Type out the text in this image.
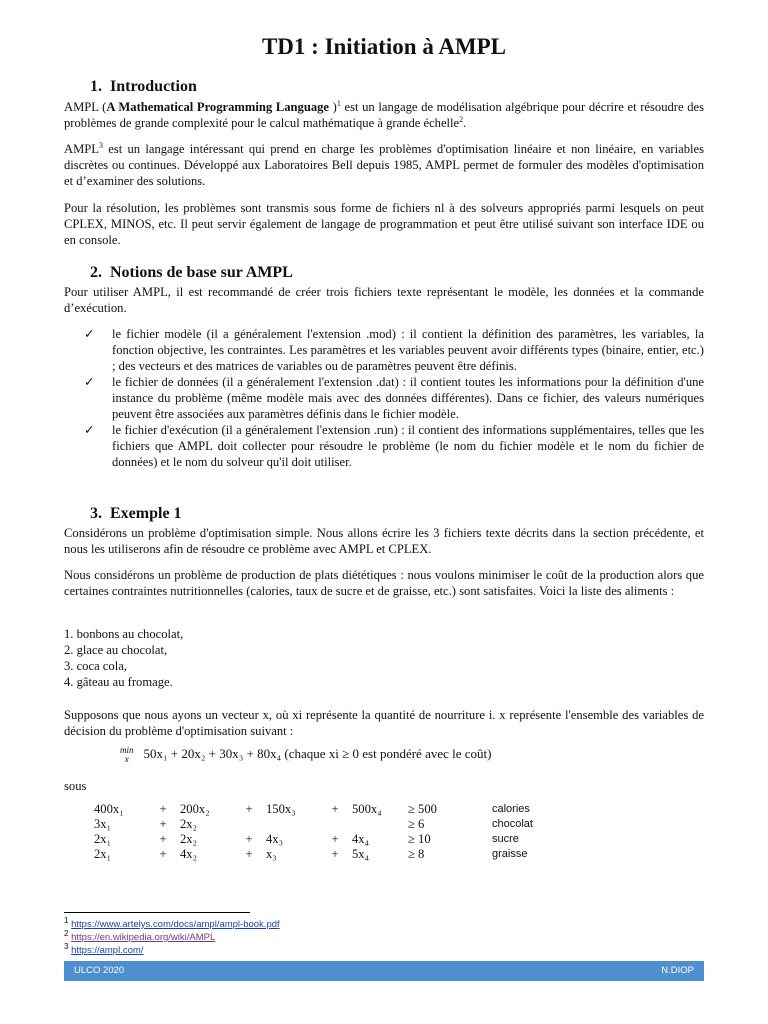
TD1 : Initiation à AMPL
1. Introduction

AMPL (A Mathematical Programming Language )$^1$ est un langage de modélisation algébrique pour décrire et résoudre des problèmes de grande complexité pour le calcul mathématique à grande échelle$^2$.

AMPL$^3$ est un langage intéressant qui prend en charge les problèmes d'optimisation linéaire et non linéaire, en variables discrètes ou continues. Développé aux Laboratoires Bell depuis 1985, AMPL permet de formuler des modèles d'optimisation et d’examiner des solutions.

Pour la résolution, les problèmes sont transmis sous forme de fichiers nl à des solveurs appropriés parmi lesquels on peut CPLEX, MINOS, etc. Il peut servir également de langage de programmation et peut être utilisé suivant son interface IDE ou en console.

2. Notions de base sur AMPL

Pour utiliser AMPL, il est recommandé de créer trois fichiers texte représentant le modèle, les données et la commande d’exécution.

✓ le fichier modèle (il a généralement l'extension .mod) : il contient la définition des paramètres, les variables, la fonction objective, les contraintes. Les paramètres et les variables peuvent avoir différents types (binaire, entier, etc.) ; des vecteurs et des matrices de variables ou de paramètres peuvent être définis.
✓ le fichier de données (il a généralement l'extension .dat) : il contient toutes les informations pour la définition d'une instance du problème (même modèle mais avec des données différentes). Dans ce fichier, des valeurs numériques peuvent être associées aux paramètres définis dans le fichier modèle.
✓ le fichier d'exécution (il a généralement l'extension .run) : il contient des informations supplémentaires, telles que les fichiers que AMPL doit collecter pour résoudre le problème (le nom du fichier modèle et le nom du fichier de données) et le nom du solveur qu'il doit utiliser.
3. Exemple 1

Considérons un problème d'optimisation simple. Nous allons écrire les 3 fichiers texte décrits dans la section précédente, et nous les utiliserons afin de résoudre ce problème avec AMPL et CPLEX.

Nous considérons un problème de production de plats diététiques : nous voulons minimiser le coût de la production alors que certaines contraintes nutritionnelles (calories, taux de sucre et de graisse, etc.) sont satisfaites. Voici la liste des aliments :

1. bonbons au chocolat,
2. glace au chocolat,
3. coca cola,
4. gâteau au fromage.

Supposons que nous ayons un vecteur x, où xi représente la quantité de nourriture i. x représente l'ensemble des variables de décision du problème d'optimisation suivant :

min
x 50x₁ + 20x₂ + 30x₃ + 80x₄ (chaque xi ≥ 0 est pondéré avec le coût)
sous
400x₁	+	200x₂	+	150x₃	+	500x₄	≥ 500	calories
3x₁	+	2x₂					≥ 6	chocolat
2x₁	+	2x₂	+	4x₃	+	4x₄	≥ 10	sucre
2x₁	+	4x₂	+	x₃	+	5x₄	≥ 8	graisse
$^1$ https://www.artelys.com/docs/ampl/ampl-book.pdf
$^2$ https://en.wikipedia.org/wiki/AMPL
$^3$ https://ampl.com/
ULCO 2020	N.DIOP
